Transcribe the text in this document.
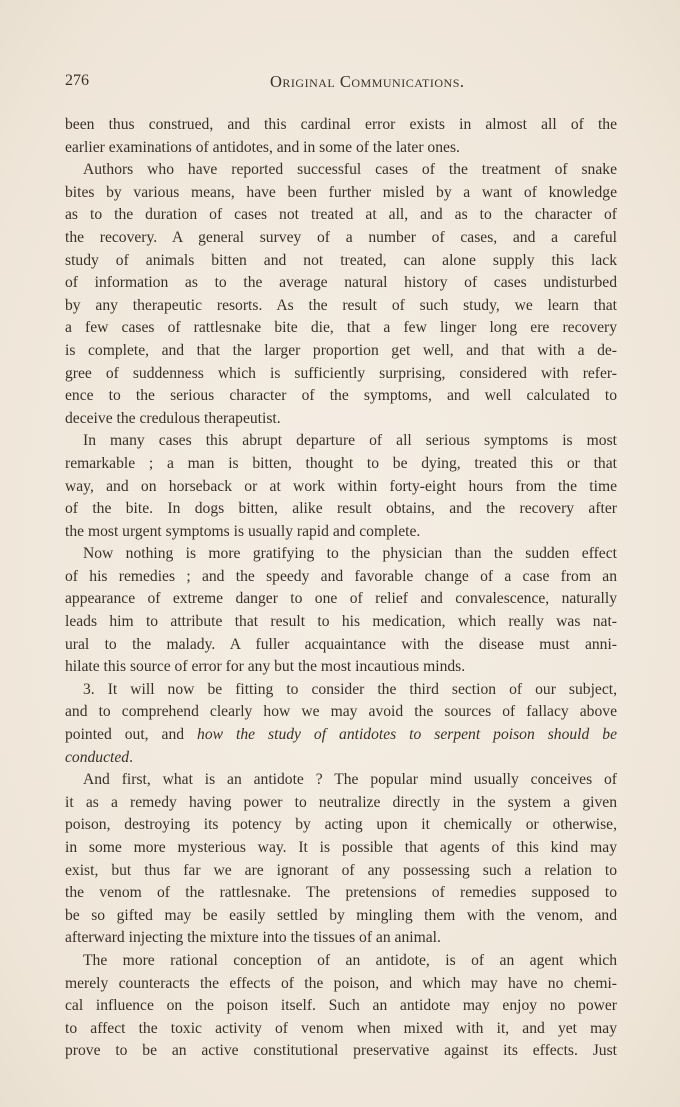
276	Original Communications.
been thus construed, and this cardinal error exists in almost all of the
earlier examinations of antidotes, and in some of the later ones.
Authors who have reported successful cases of the treatment of snake
bites by various means, have been further misled by a want of knowledge
as to the duration of cases not treated at all, and as to the character of
the recovery. A general survey of a number of cases, and a careful
study of animals bitten and not treated, can alone supply this lack
of information as to the average natural history of cases undisturbed
by any therapeutic resorts. As the result of such study, we learn that
a few cases of rattlesnake bite die, that a few linger long ere recovery
is complete, and that the larger proportion get well, and that with a de-
gree of suddenness which is sufficiently surprising, considered with refer-
ence to the serious character of the symptoms, and well calculated to
deceive the credulous therapeutist.
In many cases this abrupt departure of all serious symptoms is most
remarkable ; a man is bitten, thought to be dying, treated this or that
way, and on horseback or at work within forty-eight hours from the time
of the bite. In dogs bitten, alike result obtains, and the recovery after
the most urgent symptoms is usually rapid and complete.
Now nothing is more gratifying to the physician than the sudden effect
of his remedies ; and the speedy and favorable change of a case from an
appearance of extreme danger to one of relief and convalescence, naturally
leads him to attribute that result to his medication, which really was nat-
ural to the malady. A fuller acquaintance with the disease must anni-
hilate this source of error for any but the most incautious minds.
3. It will now be fitting to consider the third section of our subject,
and to comprehend clearly how we may avoid the sources of fallacy above
pointed out, and how the study of antidotes to serpent poison should be
conducted.
And first, what is an antidote ? The popular mind usually conceives of
it as a remedy having power to neutralize directly in the system a given
poison, destroying its potency by acting upon it chemically or otherwise,
in some more mysterious way. It is possible that agents of this kind may
exist, but thus far we are ignorant of any possessing such a relation to
the venom of the rattlesnake. The pretensions of remedies supposed to
be so gifted may be easily settled by mingling them with the venom, and
afterward injecting the mixture into the tissues of an animal.
The more rational conception of an antidote, is of an agent which
merely counteracts the effects of the poison, and which may have no chemi-
cal influence on the poison itself. Such an antidote may enjoy no power
to affect the toxic activity of venom when mixed with it, and yet may
prove to be an active constitutional preservative against its effects. Just
